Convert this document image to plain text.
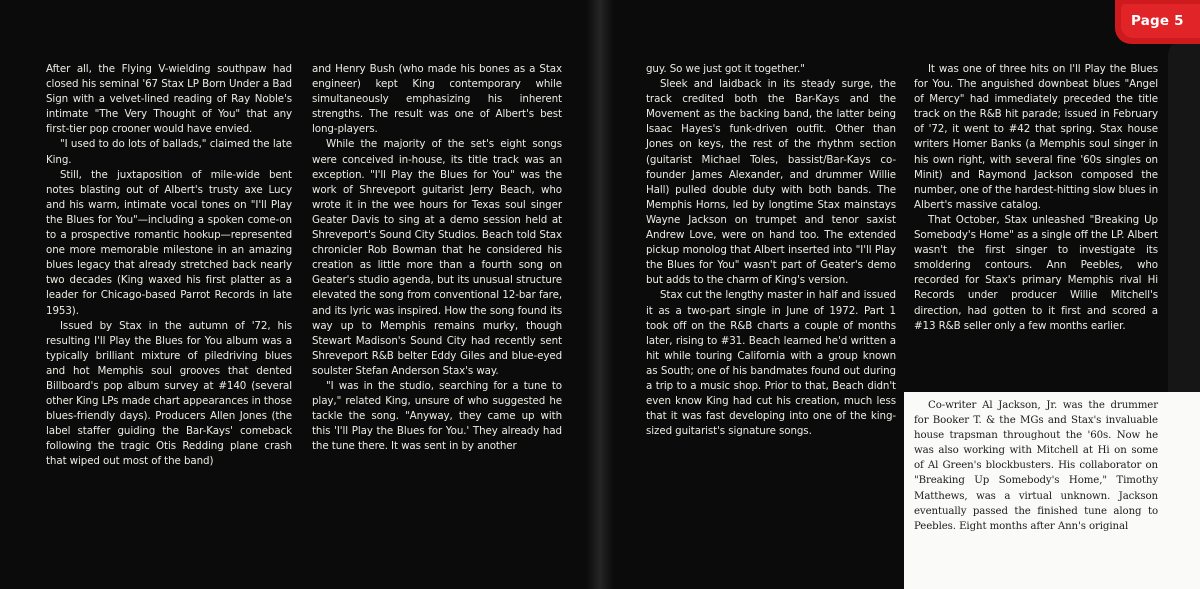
After all, the Flying V-wielding southpaw had closed his seminal '67 Stax LP Born Under a Bad Sign with a velvet-lined reading of Ray Noble's intimate "The Very Thought of You" that any first-tier pop crooner would have envied.

"I used to do lots of ballads," claimed the late King.

Still, the juxtaposition of mile-wide bent notes blasting out of Albert's trusty axe Lucy and his warm, intimate vocal tones on "I'll Play the Blues for You"—including a spoken come-on to a prospective romantic hookup—represented one more memorable milestone in an amazing blues legacy that already stretched back nearly two decades (King waxed his first platter as a leader for Chicago-based Parrot Records in late 1953).

Issued by Stax in the autumn of '72, his resulting I'll Play the Blues for You album was a typically brilliant mixture of piledriving blues and hot Memphis soul grooves that dented Billboard's pop album survey at #140 (several other King LPs made chart appearances in those blues-friendly days). Producers Allen Jones (the label staffer guiding the Bar-Kays' comeback following the tragic Otis Redding plane crash that wiped out most of the band)

and Henry Bush (who made his bones as a Stax engineer) kept King contemporary while simultaneously emphasizing his inherent strengths. The result was one of Albert's best long-players.

While the majority of the set's eight songs were conceived in-house, its title track was an exception. "I'll Play the Blues for You" was the work of Shreveport guitarist Jerry Beach, who wrote it in the wee hours for Texas soul singer Geater Davis to sing at a demo session held at Shreveport's Sound City Studios. Beach told Stax chronicler Rob Bowman that he considered his creation as little more than a fourth song on Geater's studio agenda, but its unusual structure elevated the song from conventional 12-bar fare, and its lyric was inspired. How the song found its way up to Memphis remains murky, though Stewart Madison's Sound City had recently sent Shreveport R&B belter Eddy Giles and blue-eyed soulster Stefan Anderson Stax's way.

"I was in the studio, searching for a tune to play," related King, unsure of who suggested he tackle the song. "Anyway, they came up with this 'I'll Play the Blues for You.' They already had the tune there. It was sent in by another

guy. So we just got it together."

Sleek and laidback in its steady surge, the track credited both the Bar-Kays and the Movement as the backing band, the latter being Isaac Hayes's funk-driven outfit. Other than Jones on keys, the rest of the rhythm section (guitarist Michael Toles, bassist/Bar-Kays co-founder James Alexander, and drummer Willie Hall) pulled double duty with both bands. The Memphis Horns, led by longtime Stax mainstays Wayne Jackson on trumpet and tenor saxist Andrew Love, were on hand too. The extended pickup monolog that Albert inserted into "I'll Play the Blues for You" wasn't part of Geater's demo but adds to the charm of King's version.

Stax cut the lengthy master in half and issued it as a two-part single in June of 1972. Part 1 took off on the R&B charts a couple of months later, rising to #31. Beach learned he'd written a hit while touring California with a group known as South; one of his bandmates found out during a trip to a music shop. Prior to that, Beach didn't even know King had cut his creation, much less that it was fast developing into one of the king-sized guitarist's signature songs.

It was one of three hits on I'll Play the Blues for You. The anguished downbeat blues "Angel of Mercy" had immediately preceded the title track on the R&B hit parade; issued in February of '72, it went to #42 that spring. Stax house writers Homer Banks (a Memphis soul singer in his own right, with several fine '60s singles on Minit) and Raymond Jackson composed the number, one of the hardest-hitting slow blues in Albert's massive catalog.

That October, Stax unleashed "Breaking Up Somebody's Home" as a single off the LP. Albert wasn't the first singer to investigate its smoldering contours. Ann Peebles, who recorded for Stax's primary Memphis rival Hi Records under producer Willie Mitchell's direction, had gotten to it first and scored a #13 R&B seller only a few months earlier.

Co-writer Al Jackson, Jr. was the drummer for Booker T. & the MGs and Stax's invaluable house trapsman throughout the '60s. Now he was also working with Mitchell at Hi on some of Al Green's blockbusters. His collaborator on "Breaking Up Somebody's Home," Timothy Matthews, was a virtual unknown. Jackson eventually passed the finished tune along to Peebles. Eight months after Ann's original

Page 5
